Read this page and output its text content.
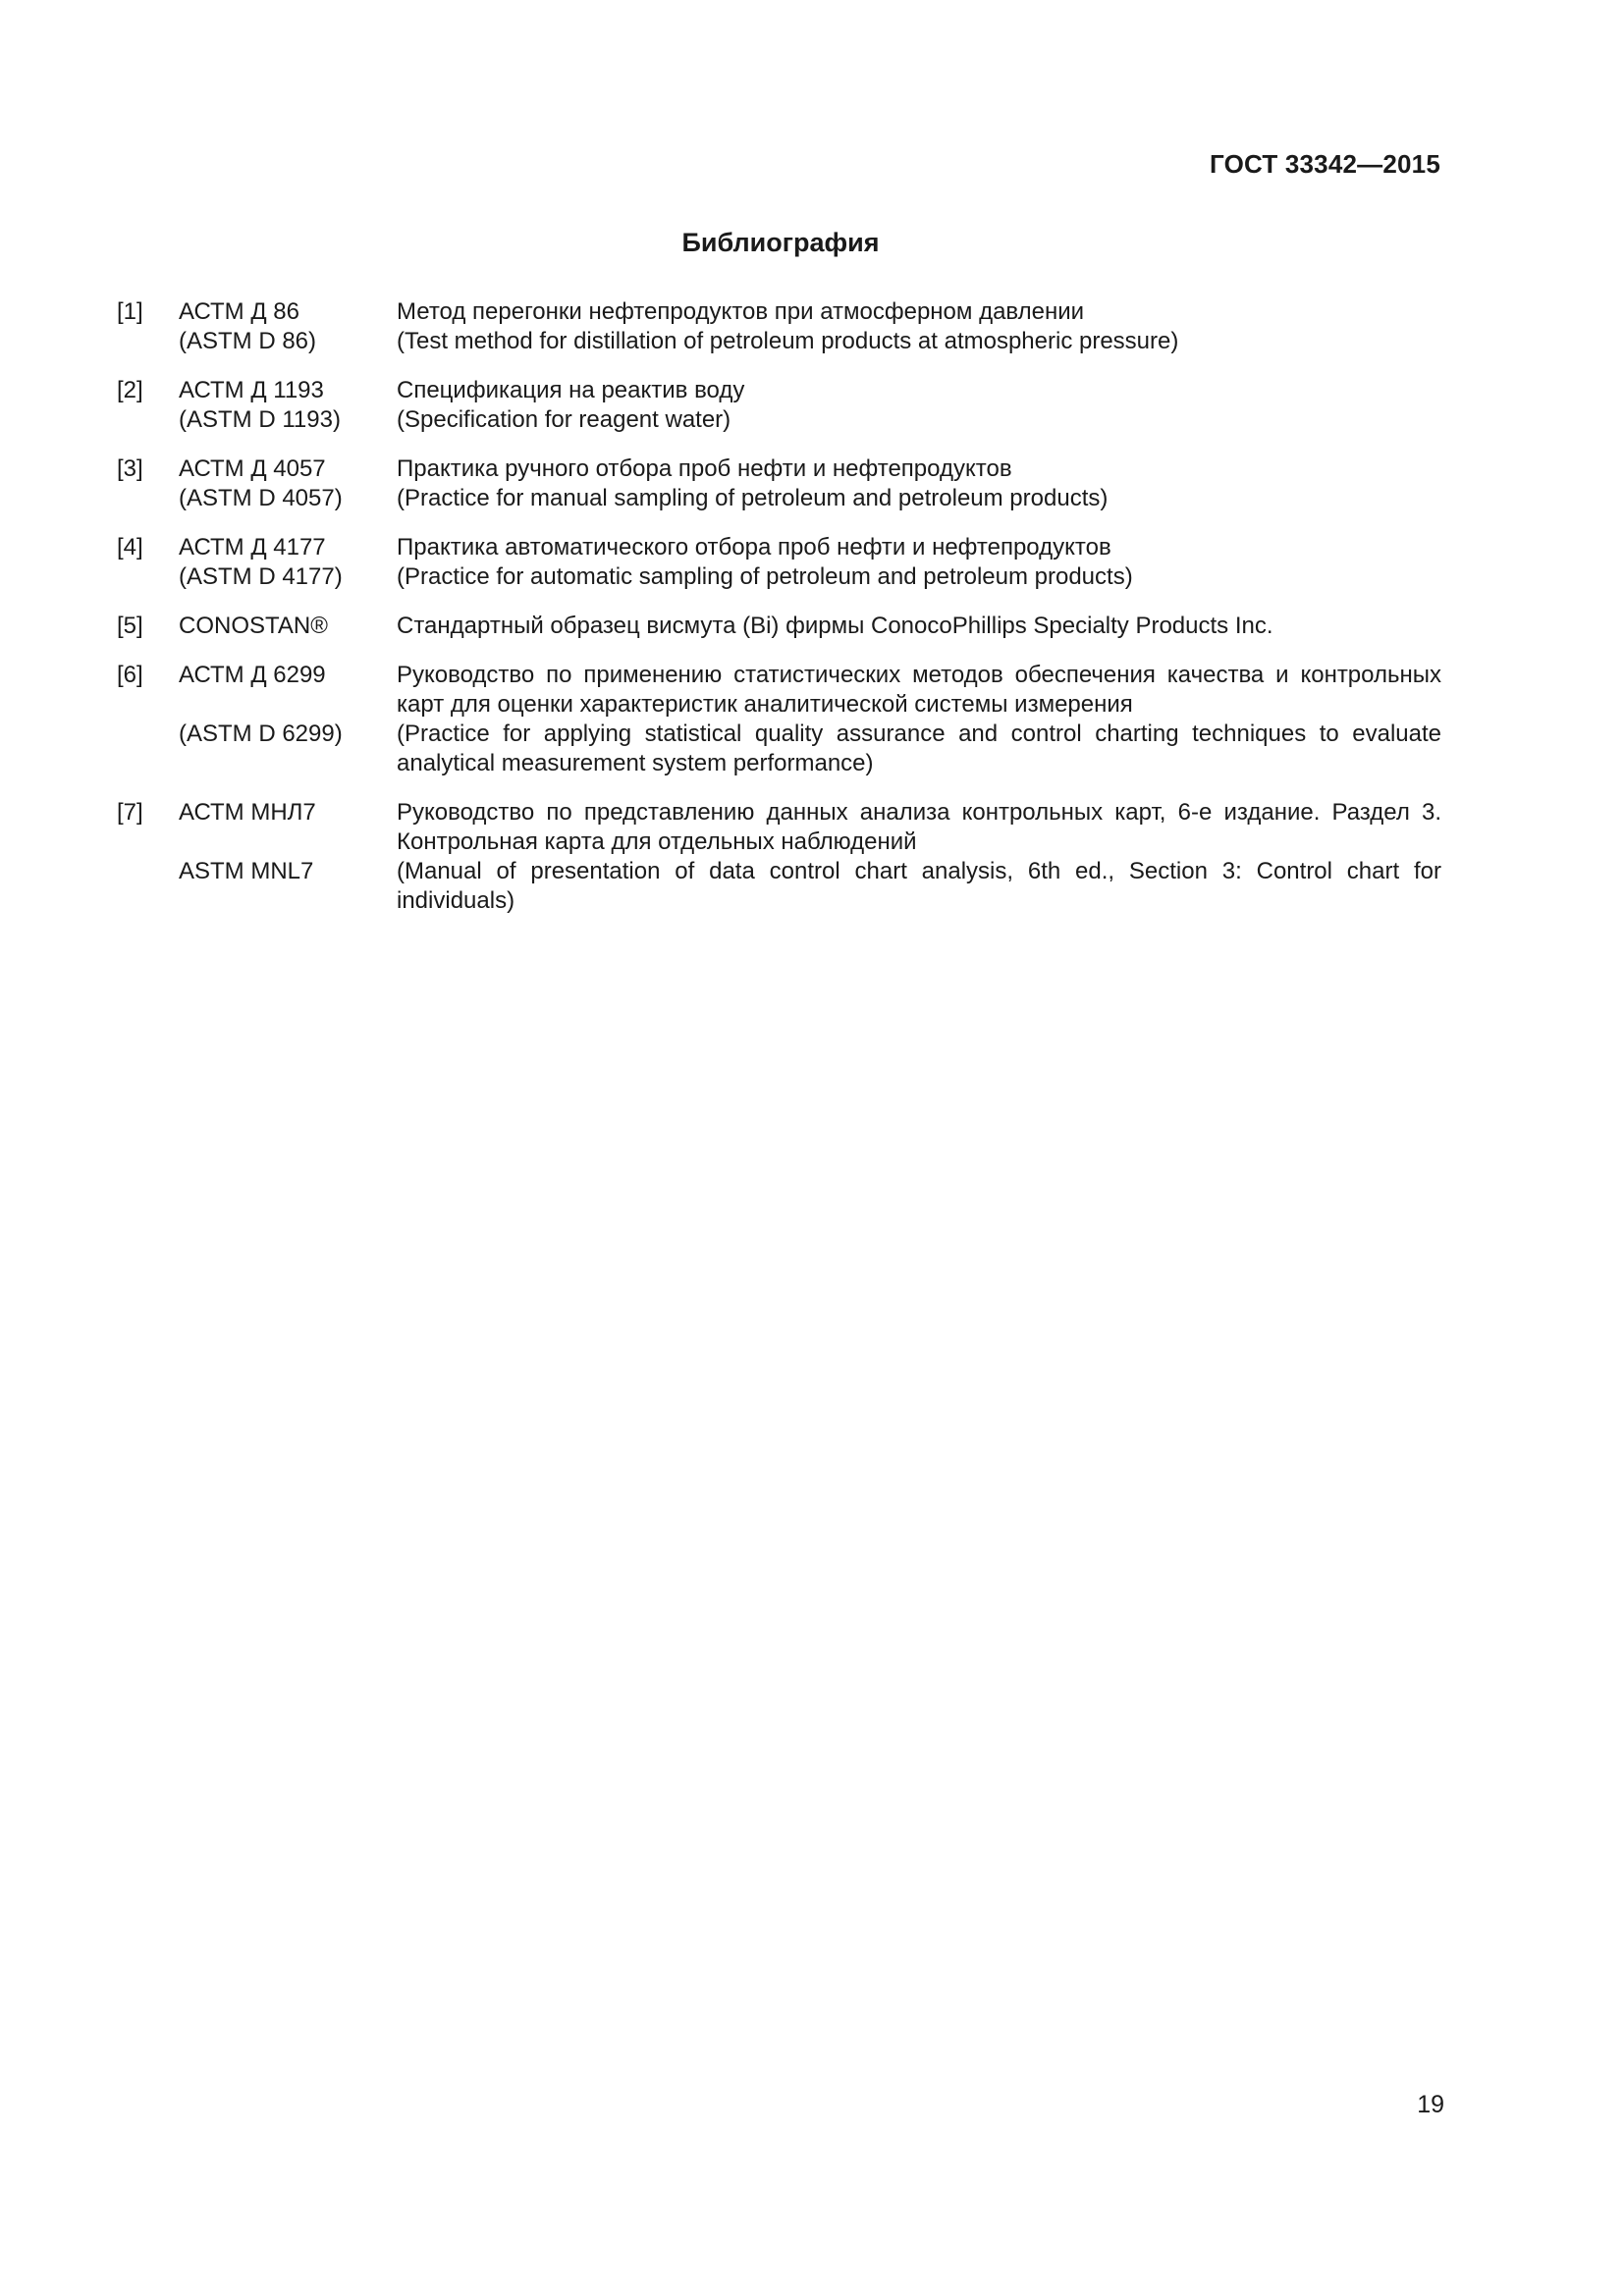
ГОСТ 33342—2015
Библиография
[1]	АСТМ Д 86	Метод перегонки нефтепродуктов при атмосферном давлении
(ASTM D 86)	(Test method for distillation of petroleum products at atmospheric pressure)
[2]	АСТМ Д 1193	Спецификация на реактив воду
(ASTM D 1193)	(Specification for reagent water)
[3]	АСТМ Д 4057	Практика ручного отбора проб нефти и нефтепродуктов
(ASTM D 4057)	(Practice for manual sampling of petroleum and petroleum products)
[4]	АСТМ Д 4177	Практика автоматического отбора проб нефти и нефтепродуктов
(ASTM D 4177)	(Practice for automatic sampling of petroleum and petroleum products)
[5]	CONOSTAN®	Стандартный образец висмута (Bi) фирмы ConocoPhillips Specialty Products Inc.
[6]	АСТМ Д 6299	Руководство по применению статистических методов обеспечения качества и контрольных карт для оценки характеристик аналитической системы измерения
(ASTM D 6299)	(Practice for applying statistical quality assurance and control charting techniques to evaluate analytical measurement system performance)
[7]	АСТМ МНЛ7	Руководство по представлению данных анализа контрольных карт, 6-е издание. Раздел 3. Контрольная карта для отдельных наблюдений
ASTM MNL7	(Manual of presentation of data control chart analysis, 6th ed., Section 3: Control chart for individuals)
19
